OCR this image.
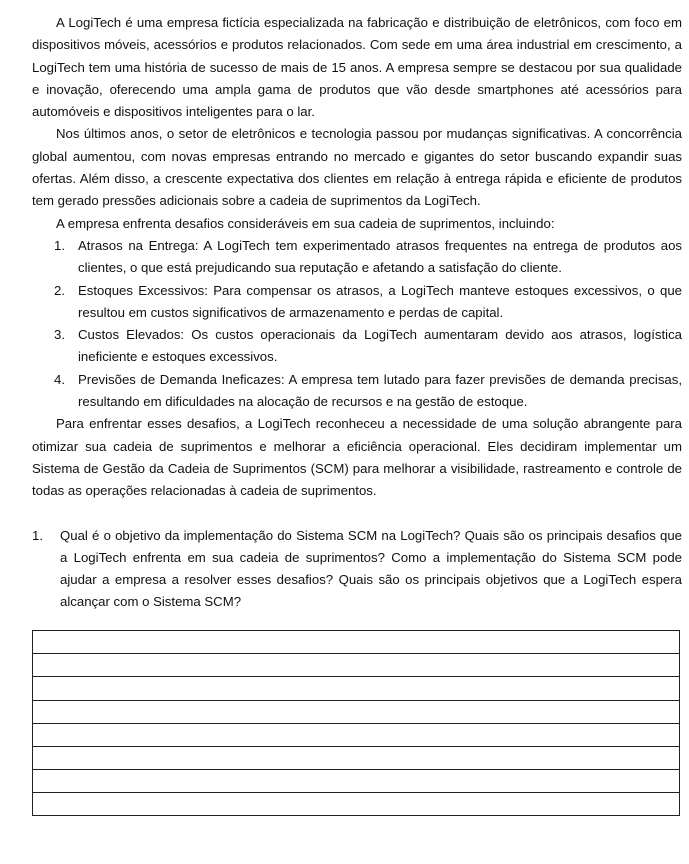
A LogiTech é uma empresa fictícia especializada na fabricação e distribuição de eletrônicos, com foco em dispositivos móveis, acessórios e produtos relacionados. Com sede em uma área industrial em crescimento, a LogiTech tem uma história de sucesso de mais de 15 anos. A empresa sempre se destacou por sua qualidade e inovação, oferecendo uma ampla gama de produtos que vão desde smartphones até acessórios para automóveis e dispositivos inteligentes para o lar.

Nos últimos anos, o setor de eletrônicos e tecnologia passou por mudanças significativas. A concorrência global aumentou, com novas empresas entrando no mercado e gigantes do setor buscando expandir suas ofertas. Além disso, a crescente expectativa dos clientes em relação à entrega rápida e eficiente de produtos tem gerado pressões adicionais sobre a cadeia de suprimentos da LogiTech.

A empresa enfrenta desafios consideráveis em sua cadeia de suprimentos, incluindo:

1. Atrasos na Entrega: A LogiTech tem experimentado atrasos frequentes na entrega de produtos aos clientes, o que está prejudicando sua reputação e afetando a satisfação do cliente.
2. Estoques Excessivos: Para compensar os atrasos, a LogiTech manteve estoques excessivos, o que resultou em custos significativos de armazenamento e perdas de capital.
3. Custos Elevados: Os custos operacionais da LogiTech aumentaram devido aos atrasos, logística ineficiente e estoques excessivos.
4. Previsões de Demanda Ineficazes: A empresa tem lutado para fazer previsões de demanda precisas, resultando em dificuldades na alocação de recursos e na gestão de estoque.

Para enfrentar esses desafios, a LogiTech reconheceu a necessidade de uma solução abrangente para otimizar sua cadeia de suprimentos e melhorar a eficiência operacional. Eles decidiram implementar um Sistema de Gestão da Cadeia de Suprimentos (SCM) para melhorar a visibilidade, rastreamento e controle de todas as operações relacionadas à cadeia de suprimentos.

1. Qual é o objetivo da implementação do Sistema SCM na LogiTech? Quais são os principais desafios que a LogiTech enfrenta em sua cadeia de suprimentos? Como a implementação do Sistema SCM pode ajudar a empresa a resolver esses desafios? Quais são os principais objetivos que a LogiTech espera alcançar com o Sistema SCM?
